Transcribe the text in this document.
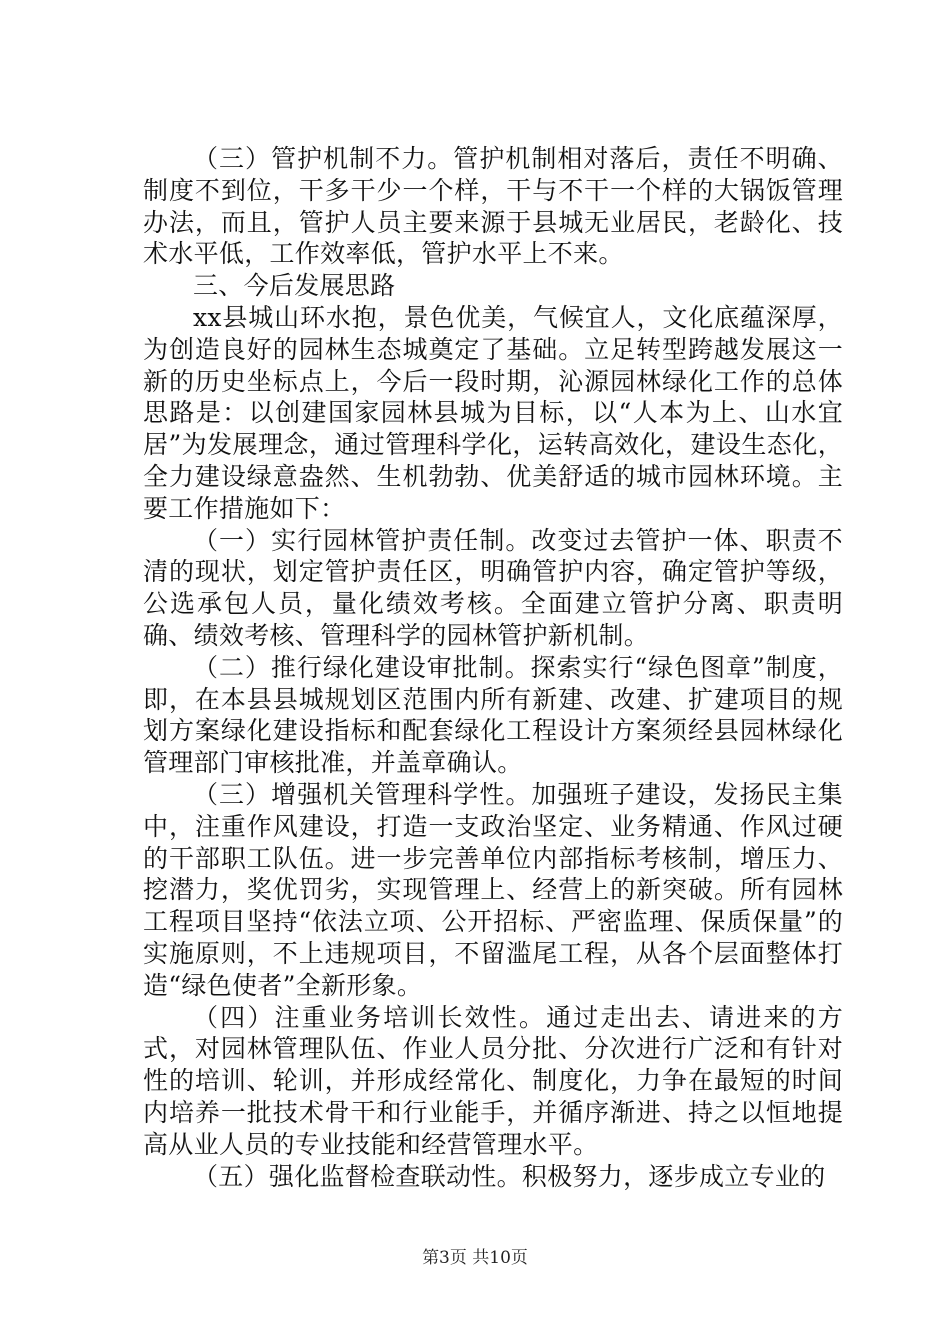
（三）管护机制不力。管护机制相对落后，责任不明确、制度不到位，干多干少一个样，干与不干一个样的大锅饭管理办法，而且，管护人员主要来源于县城无业居民，老龄化、技术水平低，工作效率低，管护水平上不来。

三、今后发展思路

xx县城山环水抱，景色优美，气候宜人，文化底蕴深厚，为创造良好的园林生态城奠定了基础。立足转型跨越发展这一新的历史坐标点上，今后一段时期，沁源园林绿化工作的总体思路是：以创建国家园林县城为目标，以“人本为上、山水宜居”为发展理念，通过管理科学化，运转高效化，建设生态化，全力建设绿意盎然、生机勃勃、优美舒适的城市园林环境。主要工作措施如下：

（一）实行园林管护责任制。改变过去管护一体、职责不清的现状，划定管护责任区，明确管护内容，确定管护等级，公选承包人员，量化绩效考核。全面建立管护分离、职责明确、绩效考核、管理科学的园林管护新机制。

（二）推行绿化建设审批制。探索实行“绿色图章”制度，即，在本县县城规划区范围内所有新建、改建、扩建项目的规划方案绿化建设指标和配套绿化工程设计方案须经县园林绿化管理部门审核批准，并盖章确认。

（三）增强机关管理科学性。加强班子建设，发扬民主集中，注重作风建设，打造一支政治坚定、业务精通、作风过硬的干部职工队伍。进一步完善单位内部指标考核制，增压力、挖潜力，奖优罚劣，实现管理上、经营上的新突破。所有园林工程项目坚持“依法立项、公开招标、严密监理、保质保量”的实施原则，不上违规项目，不留滥尾工程，从各个层面整体打造“绿色使者”全新形象。

（四）注重业务培训长效性。通过走出去、请进来的方式，对园林管理队伍、作业人员分批、分次进行广泛和有针对性的培训、轮训，并形成经常化、制度化，力争在最短的时间内培养一批技术骨干和行业能手，并循序渐进、持之以恒地提高从业人员的专业技能和经营管理水平。

（五）强化监督检查联动性。积极努力，逐步成立专业的

第3页 共10页
